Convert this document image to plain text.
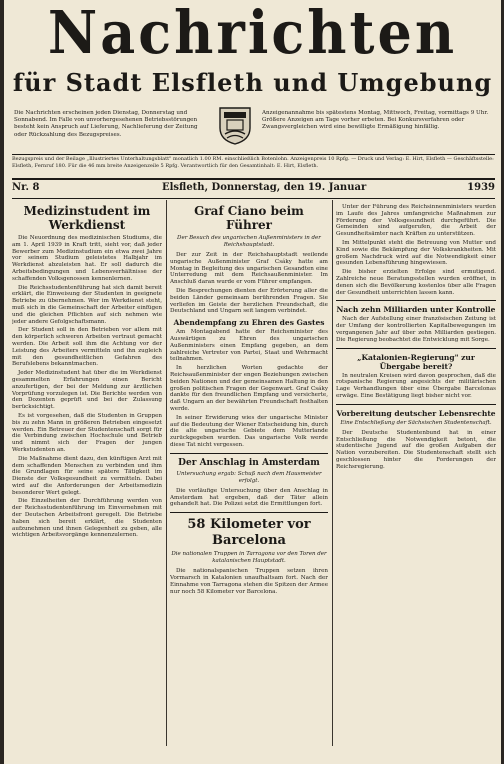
Nachrichten
für Stadt Elsfleth und Umgebung
Die Nachrichten erscheinen jeden Dienstag, Donnerstag und Sonnabend. Im Falle von unvorhergesehenen Betriebsstörungen besteht kein Anspruch auf Lieferung, Nachlieferung der Zeitung oder Rückzahlung des Bezugspreises.
Anzeigenannahme bis spätestens Montag, Mittwoch, Freitag, vormittags 9 Uhr. Größere Anzeigen am Tage vorher erbeten. Bei Konkursverfahren oder Zwangsvergleichen wird eine bewilligte Ermäßigung hinfällig.
Bezugspreis und der Beilage „Illustriertes Unterhaltungsblatt" monatlich 1.00 RM. einschließlich Botenlohn. Anzeigenpreis 10 Rpfg. — Druck und Verlag: E. Hirt, Elsfleth — Geschäftsstelle: Elsfleth, Fernruf 180. Für die 46 mm breite Anzeigenzeile 5 Rpfg. Verantwortlich für den Gesamtinhalt: E. Hirt, Elsfleth.
Nr. 8	Elsfleth, Donnerstag, den 19. Januar	1939
Medizinstudent im Werkdienst

Die Neuordnung des medizinischen Studiums, die am 1. April 1939 in Kraft tritt, sieht vor, daß jeder Bewerber zum Medizinstudium ein etwa zwei Jahre vor seinem Studium geleistetes Halbjahr im Werkdienst abzuleisten hat. Er soll dadurch die Arbeitsbedingungen und Lebensverhältnisse der schaffenden Volksgenossen kennenlernen.

Die Reichsstudentenführung hat sich damit bereit erklärt, die Einweisung der Studenten in geeignete Betriebe zu übernehmen. Wer im Werkdienst steht, muß sich in die Gemeinschaft der Arbeiter einfügen und die gleichen Pflichten auf sich nehmen wie jeder andere Gefolgschaftsmann.

Der Student soll in den Betrieben vor allem mit den körperlich schweren Arbeiten vertraut gemacht werden. Die Arbeit soll ihm die Achtung vor der Leistung des Arbeiters vermitteln und ihn zugleich mit den gesundheitlichen Gefahren des Berufslebens bekanntmachen.

Jeder Medizinstudent hat über die im Werkdienst gesammelten Erfahrungen einen Bericht anzufertigen, der bei der Meldung zur ärztlichen Vorprüfung vorzulegen ist. Die Berichte werden von den Dozenten geprüft und bei der Zulassung berücksichtigt.

Es ist vorgesehen, daß die Studenten in Gruppen bis zu zehn Mann in größeren Betrieben eingesetzt werden. Ein Betreuer der Studentenschaft sorgt für die Verbindung zwischen Hochschule und Betrieb und nimmt sich der Fragen der jungen Werkstudenten an.

Die Maßnahme dient dazu, den künftigen Arzt mit dem schaffenden Menschen zu verbinden und ihm die Grundlagen für seine spätere Tätigkeit im Dienste der Volksgesundheit zu vermitteln. Dabei wird auf die Anforderungen der Arbeitsmedizin besonderer Wert gelegt.

Die Einzelheiten der Durchführung werden von der Reichsstudentenführung im Einvernehmen mit der Deutschen Arbeitsfront geregelt. Die Betriebe haben sich bereit erklärt, die Studenten aufzunehmen und ihnen Gelegenheit zu geben, alle wichtigen Arbeitsvorgänge kennenzulernen.

Graf Ciano beim Führer
Der Besuch des ungarischen Außenministers in der Reichshauptstadt.

Der zur Zeit in der Reichshauptstadt weilende ungarische Außenminister Graf Csáky hatte am Montag in Begleitung des ungarischen Gesandten eine Unterredung mit dem Reichsaußenminister. Im Anschluß daran wurde er vom Führer empfangen.

Die Besprechungen dienten der Erörterung aller die beiden Länder gemeinsam berührenden Fragen. Sie verliefen im Geiste der herzlichen Freundschaft, die Deutschland und Ungarn seit langem verbindet.

Abendempfang zu Ehren des Gastes

Am Montagabend hatte der Reichsminister des Auswärtigen zu Ehren des ungarischen Außenministers einen Empfang gegeben, an dem zahlreiche Vertreter von Partei, Staat und Wehrmacht teilnahmen.

In herzlichen Worten gedachte der Reichsaußenminister der engen Beziehungen zwischen beiden Nationen und der gemeinsamen Haltung in den großen politischen Fragen der Gegenwart. Graf Csáky dankte für den freundlichen Empfang und versicherte, daß Ungarn an der bewährten Freundschaft festhalten werde.

In seiner Erwiderung wies der ungarische Minister auf die Bedeutung der Wiener Entscheidung hin, durch die alte ungarische Gebiete dem Mutterlande zurückgegeben wurden. Das ungarische Volk werde diese Tat nicht vergessen.

Der Anschlag in Amsterdam
Untersuchung ergab: Schuß nach dem Hausmeister erfolgt.

Die vorläufige Untersuchung über den Anschlag in Amsterdam hat ergeben, daß der Täter allein gehandelt hat. Die Polizei setzt die Ermittlungen fort.

58 Kilometer vor Barcelona
Die nationalen Truppen in Tarragona vor den Toren der katalanischen Hauptstadt.

Die nationalspanischen Truppen setzen ihren Vormarsch in Katalonien unaufhaltsam fort. Nach der Einnahme von Tarragona stehen die Spitzen der Armee nur noch 58 Kilometer vor Barcelona.

Unter der Führung des Reichsinnenministers wurden im Laufe des Jahres umfangreiche Maßnahmen zur Förderung der Volksgesundheit durchgeführt. Die Gemeinden sind aufgerufen, die Arbeit der Gesundheitsämter nach Kräften zu unterstützen.

Im Mittelpunkt steht die Betreuung von Mutter und Kind sowie die Bekämpfung der Volkskrankheiten. Mit großem Nachdruck wird auf die Notwendigkeit einer gesunden Lebensführung hingewiesen.

Die bisher erzielten Erfolge sind ermutigend. Zahlreiche neue Beratungsstellen wurden eröffnet, in denen sich die Bevölkerung kostenlos über alle Fragen der Gesundheit unterrichten lassen kann.

Nach zehn Milliarden unter Kontrolle

Nach der Aufstellung einer französischen Zeitung ist der Umfang der kontrollierten Kapitalbewegungen im vergangenen Jahr auf über zehn Milliarden gestiegen. Die Regierung beobachtet die Entwicklung mit Sorge.

„Katalonien-Regierung" zur Übergabe bereit?

In neutralen Kreisen wird davon gesprochen, daß die rotspanische Regierung angesichts der militärischen Lage Verhandlungen über eine Übergabe Barcelonas erwäge. Eine Bestätigung liegt bisher nicht vor.

Vorbereitung deutscher Lebensrechte
Eine Entschließung der Sächsischen Studentenschaft.

Der Deutsche Studentenbund hat in einer Entschließung die Notwendigkeit betont, die studentische Jugend auf die großen Aufgaben der Nation vorzubereiten. Die Studentenschaft stellt sich geschlossen hinter die Forderungen der Reichsregierung.
